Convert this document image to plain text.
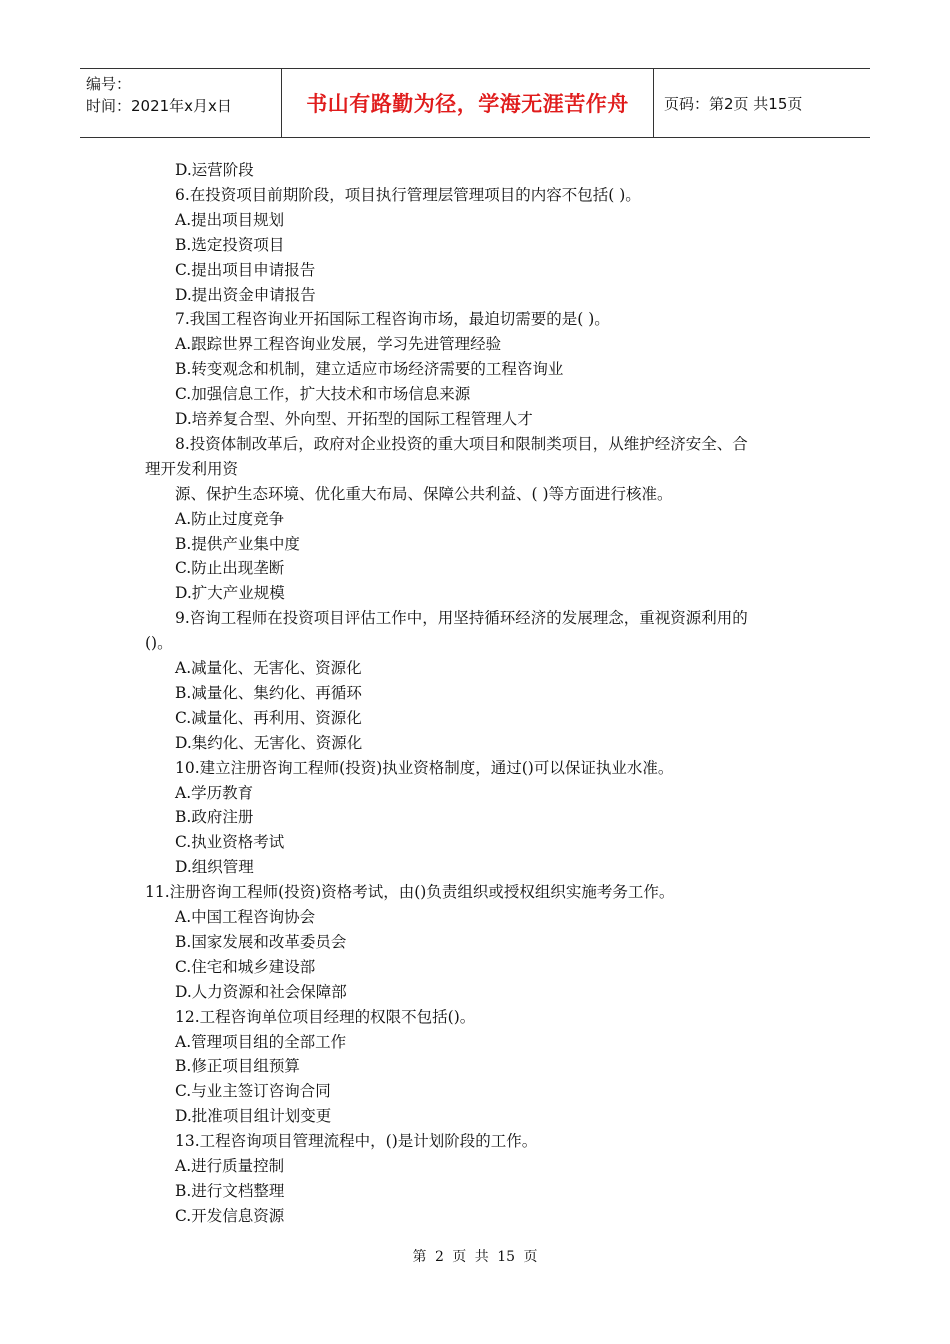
编号：
时间：2021年x月x日	书山有路勤为径，学海无涯苦作舟 页码：第2页 共15页
D.运营阶段
6.在投资项目前期阶段，项目执行管理层管理项目的内容不包括( )。
A.提出项目规划
B.选定投资项目
C.提出项目申请报告
D.提出资金申请报告
7.我国工程咨询业开拓国际工程咨询市场，最迫切需要的是( )。
A.跟踪世界工程咨询业发展，学习先进管理经验
B.转变观念和机制，建立适应市场经济需要的工程咨询业
C.加强信息工作，扩大技术和市场信息来源
D.培养复合型、外向型、开拓型的国际工程管理人才
8.投资体制改革后，政府对企业投资的重大项目和限制类项目，从维护经济安全、合
理开发利用资
源、保护生态环境、优化重大布局、保障公共利益、( )等方面进行核准。
A.防止过度竞争
B.提供产业集中度
C.防止出现垄断
D.扩大产业规模
9.咨询工程师在投资项目评估工作中，用坚持循环经济的发展理念，重视资源利用的
()。
A.减量化、无害化、资源化
B.减量化、集约化、再循环
C.减量化、再利用、资源化
D.集约化、无害化、资源化
10.建立注册咨询工程师(投资)执业资格制度，通过()可以保证执业水准。
A.学历教育
B.政府注册
C.执业资格考试
D.组织管理
11.注册咨询工程师(投资)资格考试，由()负责组织或授权组织实施考务工作。
A.中国工程咨询协会
B.国家发展和改革委员会
C.住宅和城乡建设部
D.人力资源和社会保障部
12.工程咨询单位项目经理的权限不包括()。
A.管理项目组的全部工作
B.修正项目组预算
C.与业主签订咨询合同
D.批准项目组计划变更
13.工程咨询项目管理流程中，()是计划阶段的工作。
A.进行质量控制
B.进行文档整理
C.开发信息资源
第 2 页 共 15 页
